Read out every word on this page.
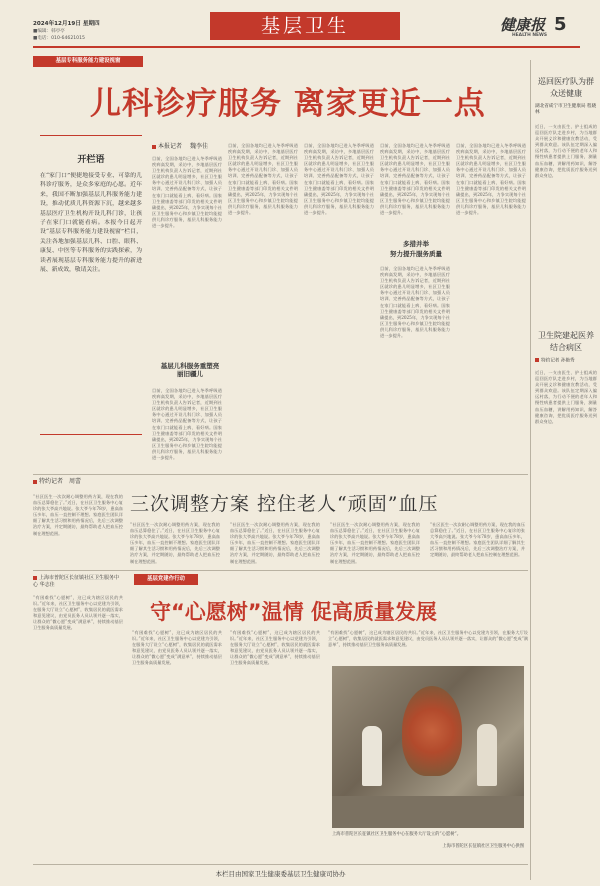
2024年12月19日 星期四
■编辑：韩亭亭
■电话：010-64621015
基层卫生	健康报
HEALTH NEWS
5
基层专科服务能力建设视窗
儿科诊疗服务 离家更近一点
开栏语
在“家门口”便捷地接受专业、可靠的儿科诊疗服务，是众多家庭的心愿。近年来，我国不断加强基层儿科服务能力建设，推动优质儿科资源下沉，越来越多基层医疗卫生机构开设儿科门诊，让孩子在家门口就能看病。本报今日起开设“基层专科服务能力建设视窗”栏目，关注各地加强基层儿科、口腔、眼科、康复、中医等专科服务的实践探索，为读者展现基层专科服务能力提升的新进展、新成效，敬请关注。
本报记者 魏李佳
目前，全国各地均已进入冬季呼吸道疾病高发期，采访中，多地基层医疗卫生机构负责人告诉记者，近期到社区就诊的患儿明显增多，社区卫生服务中心通过开设儿科门诊、加强人员培训、完善药品配备等方式，让孩子在家门口就能看上病、看好病。国家卫生健康委等部门印发的相关文件明确提出，到2025年，力争实现每个社区卫生服务中心和乡镇卫生院均能提供儿科诊疗服务，基层儿科服务能力进一步提升。
基层儿科服务重塑亮丽旧疆儿
目前，全国各地均已进入冬季呼吸道疾病高发期，采访中，多地基层医疗卫生机构负责人告诉记者，近期到社区就诊的患儿明显增多，社区卫生服务中心通过开设儿科门诊、加强人员培训、完善药品配备等方式，让孩子在家门口就能看上病、看好病。国家卫生健康委等部门印发的相关文件明确提出，到2025年，力争实现每个社区卫生服务中心和乡镇卫生院均能提供儿科诊疗服务，基层儿科服务能力进一步提升。
目前，全国各地均已进入冬季呼吸道疾病高发期，采访中，多地基层医疗卫生机构负责人告诉记者，近期到社区就诊的患儿明显增多，社区卫生服务中心通过开设儿科门诊、加强人员培训、完善药品配备等方式，让孩子在家门口就能看上病、看好病。国家卫生健康委等部门印发的相关文件明确提出，到2025年，力争实现每个社区卫生服务中心和乡镇卫生院均能提供儿科诊疗服务，基层儿科服务能力进一步提升。
目前，全国各地均已进入冬季呼吸道疾病高发期，采访中，多地基层医疗卫生机构负责人告诉记者，近期到社区就诊的患儿明显增多，社区卫生服务中心通过开设儿科门诊、加强人员培训、完善药品配备等方式，让孩子在家门口就能看上病、看好病。国家卫生健康委等部门印发的相关文件明确提出，到2025年，力争实现每个社区卫生服务中心和乡镇卫生院均能提供儿科诊疗服务，基层儿科服务能力进一步提升。
目前，全国各地均已进入冬季呼吸道疾病高发期，采访中，多地基层医疗卫生机构负责人告诉记者，近期到社区就诊的患儿明显增多，社区卫生服务中心通过开设儿科门诊、加强人员培训、完善药品配备等方式，让孩子在家门口就能看上病、看好病。国家卫生健康委等部门印发的相关文件明确提出，到2025年，力争实现每个社区卫生服务中心和乡镇卫生院均能提供儿科诊疗服务，基层儿科服务能力进一步提升。
多措并举
努力提升服务质量
目前，全国各地均已进入冬季呼吸道疾病高发期，采访中，多地基层医疗卫生机构负责人告诉记者，近期到社区就诊的患儿明显增多，社区卫生服务中心通过开设儿科门诊、加强人员培训、完善药品配备等方式，让孩子在家门口就能看上病、看好病。国家卫生健康委等部门印发的相关文件明确提出，到2025年，力争实现每个社区卫生服务中心和乡镇卫生院均能提供儿科诊疗服务，基层儿科服务能力进一步提升。
目前，全国各地均已进入冬季呼吸道疾病高发期，采访中，多地基层医疗卫生机构负责人告诉记者，近期到社区就诊的患儿明显增多，社区卫生服务中心通过开设儿科门诊、加强人员培训、完善药品配备等方式，让孩子在家门口就能看上病、看好病。国家卫生健康委等部门印发的相关文件明确提出，到2025年，力争实现每个社区卫生服务中心和乡镇卫生院均能提供儿科诊疗服务，基层儿科服务能力进一步提升。
巡回医疗队为群众送健康
湖北省咸宁市卫生健康局 程晓林
近日，一支由医生、护士组成的巡回医疗队走进乡村，为当地群众开展义诊和健康宣教活动，受到群众欢迎。该队伍定期深入偏远村落，为行动不便的老年人和慢性病患者提供上门服务，测量血压血糖，讲解用药知识，解答健康咨询，把优质医疗服务送到群众身边。
卫生院建起医养结合病区
特约记者 孙艳秀
近日，一支由医生、护士组成的巡回医疗队走进乡村，为当地群众开展义诊和健康宣教活动，受到群众欢迎。该队伍定期深入偏远村落，为行动不便的老年人和慢性病患者提供上门服务，测量血压血糖，讲解用药知识，解答健康咨询，把优质医疗服务送到群众身边。
特约记者 周蕾
三次调整方案 控住老人“顽固”血压
“社区医生一次次耐心调整用药方案，现在我的血压总算稳住了。”近日，在社区卫生服务中心复诊的张大爷高兴地说。张大爷今年78岁，患高血压多年，血压一直控制不理想。家庭医生团队详细了解其生活习惯和用药情况后，先后三次调整治疗方案，并定期随访，最终帮助老人把血压控制在理想范围。
“社区医生一次次耐心调整用药方案，现在我的血压总算稳住了。”近日，在社区卫生服务中心复诊的张大爷高兴地说。张大爷今年78岁，患高血压多年，血压一直控制不理想。家庭医生团队详细了解其生活习惯和用药情况后，先后三次调整治疗方案，并定期随访，最终帮助老人把血压控制在理想范围。
“社区医生一次次耐心调整用药方案，现在我的血压总算稳住了。”近日，在社区卫生服务中心复诊的张大爷高兴地说。张大爷今年78岁，患高血压多年，血压一直控制不理想。家庭医生团队详细了解其生活习惯和用药情况后，先后三次调整治疗方案，并定期随访，最终帮助老人把血压控制在理想范围。
“社区医生一次次耐心调整用药方案，现在我的血压总算稳住了。”近日，在社区卫生服务中心复诊的张大爷高兴地说。张大爷今年78岁，患高血压多年，血压一直控制不理想。家庭医生团队详细了解其生活习惯和用药情况后，先后三次调整治疗方案，并定期随访，最终帮助老人把血压控制在理想范围。
“社区医生一次次耐心调整用药方案，现在我的血压总算稳住了。”近日，在社区卫生服务中心复诊的张大爷高兴地说。张大爷今年78岁，患高血压多年，血压一直控制不理想。家庭医生团队详细了解其生活习惯和用药情况后，先后三次调整治疗方案，并定期随访，最终帮助老人把血压控制在理想范围。
上海市普陀区长征镇社区卫生服务中心 华志佳
“有困难找“心愿树”，这已成为辖区居民的共识。”近年来，社区卫生服务中心以党建为引领，在服务大厅设立“心愿树”，收集居民的就医需求和意见建议，由党员医务人员认领并逐一落实，让群众的“微心愿”变成“满意单”，持续推动基层卫生服务高质量发展。
基层党建作行动
守“心愿树”温情 促高质量发展
“有困难找“心愿树”，这已成为辖区居民的共识。”近年来，社区卫生服务中心以党建为引领，在服务大厅设立“心愿树”，收集居民的就医需求和意见建议，由党员医务人员认领并逐一落实，让群众的“微心愿”变成“满意单”，持续推动基层卫生服务高质量发展。
“有困难找“心愿树”，这已成为辖区居民的共识。”近年来，社区卫生服务中心以党建为引领，在服务大厅设立“心愿树”，收集居民的就医需求和意见建议，由党员医务人员认领并逐一落实，让群众的“微心愿”变成“满意单”，持续推动基层卫生服务高质量发展。
“有困难找“心愿树”，这已成为辖区居民的共识。”近年来，社区卫生服务中心以党建为引领，在服务大厅设立“心愿树”，收集居民的就医需求和意见建议，由党员医务人员认领并逐一落实，让群众的“微心愿”变成“满意单”，持续推动基层卫生服务高质量发展。
上海市普陀区长征镇社区卫生服务中心在服务大厅设立的“心愿树”。
上海市普陀区长征镇社区卫生服务中心供图
本栏目由国家卫生健康委基层卫生健康司协办
